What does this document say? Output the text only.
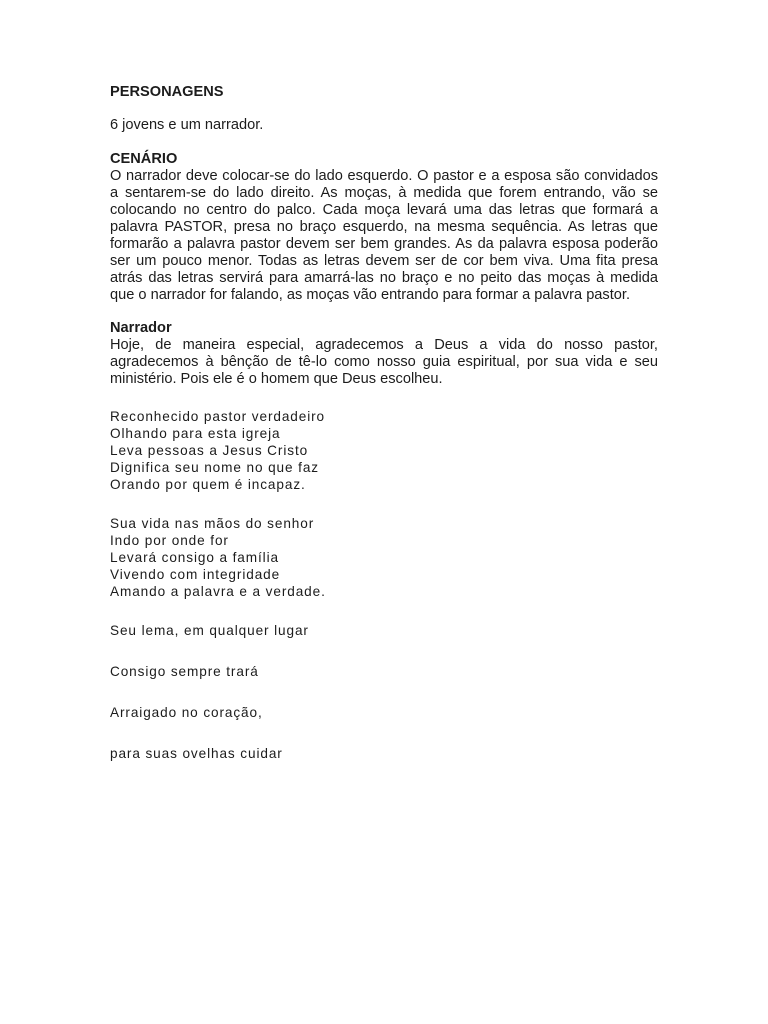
PERSONAGENS

6 jovens e um narrador.

CENÁRIO

O narrador deve colocar-se do lado esquerdo. O pastor e a esposa são convidados a sentarem-se do lado direito. As moças, à medida que forem entrando, vão se colocando no centro do palco. Cada moça levará uma das letras que formará a palavra PASTOR, presa no braço esquerdo, na mesma sequência. As letras que formarão a palavra pastor devem ser bem grandes. As da palavra esposa poderão ser um pouco menor. Todas as letras devem ser de cor bem viva. Uma fita presa atrás das letras servirá para amarrá-las no braço e no peito das moças à medida que o narrador for falando, as moças vão entrando para formar a palavra pastor.

Narrador

Hoje, de maneira especial, agradecemos a Deus a vida do nosso pastor, agradecemos à bênção de tê-lo como nosso guia espiritual, por sua vida e seu ministério. Pois ele é o homem que Deus escolheu.

Reconhecido pastor verdadeiro

Olhando para esta igreja

Leva pessoas a Jesus Cristo

Dignifica seu nome no que faz

Orando por quem é incapaz.

Sua vida nas mãos do senhor

Indo por onde for

Levará consigo a família

Vivendo com integridade

Amando a palavra e a verdade.

Seu lema, em qualquer lugar

Consigo sempre trará

Arraigado no coração,

para suas ovelhas cuidar
